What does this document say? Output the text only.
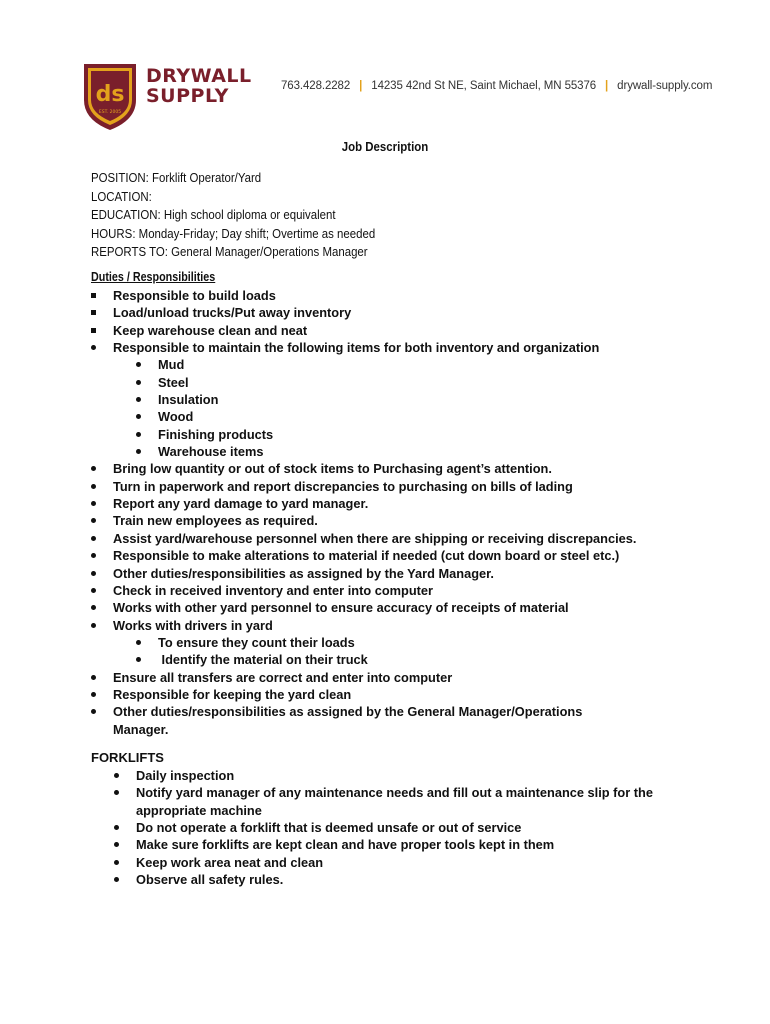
ds
EST. 2005
DRYWALL
SUPPLY	763.428.2282 | 14235 42nd St NE, Saint Michael, MN 55376 | drywall-supply.com
Job Description
POSITION: Forklift Operator/Yard
LOCATION:
EDUCATION: High school diploma or equivalent
HOURS: Monday-Friday; Day shift; Overtime as needed
REPORTS TO: General Manager/Operations Manager
Duties / Responsibilities
Responsible to build loads
Load/unload trucks/Put away inventory
Keep warehouse clean and neat
Responsible to maintain the following items for both inventory and organization
Mud
Steel
Insulation
Wood
Finishing products
Warehouse items
Bring low quantity or out of stock items to Purchasing agent’s attention.
Turn in paperwork and report discrepancies to purchasing on bills of lading
Report any yard damage to yard manager.
Train new employees as required.
Assist yard/warehouse personnel when there are shipping or receiving discrepancies.
Responsible to make alterations to material if needed (cut down board or steel etc.)
Other duties/responsibilities as assigned by the Yard Manager.
Check in received inventory and enter into computer
Works with other yard personnel to ensure accuracy of receipts of material
Works with drivers in yard
To ensure they count their loads
Identify the material on their truck
Ensure all transfers are correct and enter into computer
Responsible for keeping the yard clean
Other duties/responsibilities as assigned by the General Manager/Operations Manager.
FORKLIFTS
Daily inspection
Notify yard manager of any maintenance needs and fill out a maintenance slip for the appropriate machine
Do not operate a forklift that is deemed unsafe or out of service
Make sure forklifts are kept clean and have proper tools kept in them
Keep work area neat and clean
Observe all safety rules.
